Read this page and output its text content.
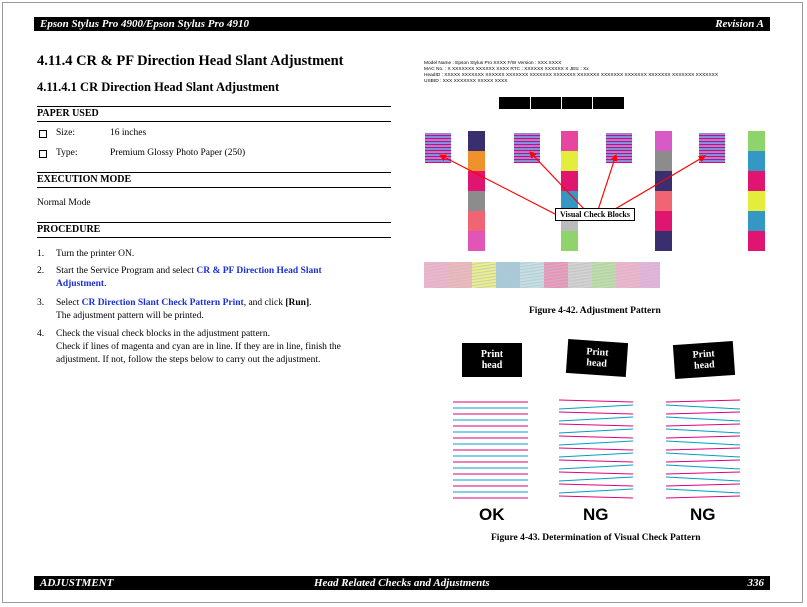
Epson Stylus Pro 4900/Epson Stylus Pro 4910	Revision A
4.11.4 CR & PF Direction Head Slant Adjustment
4.11.4.1 CR Direction Head Slant Adjustment
PAPER USED
Size:	16 inches
Type:	Premium Glossy Photo Paper (250)
EXECUTION MODE
Normal Mode
PROCEDURE
1. Turn the printer ON.
2. Start the Service Program and select CR & PF Direction Head Slant
Adjustment.
3. Select CR Direction Slant Check Pattern Print, and click [Run].
The adjustment pattern will be printed.
4. Check the visual check blocks in the adjustment pattern.
Check if lines of magenta and cyan are in line. If they are in line, finish the
adjustment. If not, follow the steps below to carry out the adjustment.
Model Name : Epson Stylus Pro XXXX F/W Version : XXX.XXXX
MAC No. : X XXXXXXX XXXXXX XXXX RTC : XXXXXX XXXXXX X JEtc : Xx
HeadID : XXXXX XXXXXXX XXXXXX XXXXXXX XXXXXXX XXXXXXX XXXXXXX XXXXXXX XXXXXXX XXXXXXX XXXXXXX XXXXXXX
USBID : XXX XXXXXXX XXXXX XXXX
Visual Check Blocks
Figure 4-42. Adjustment Pattern
Print
head
Print
head
Print
head
OK	NG	NG
Figure 4-43. Determination of Visual Check Pattern
ADJUSTMENT	Head Related Checks and Adjustments	336
